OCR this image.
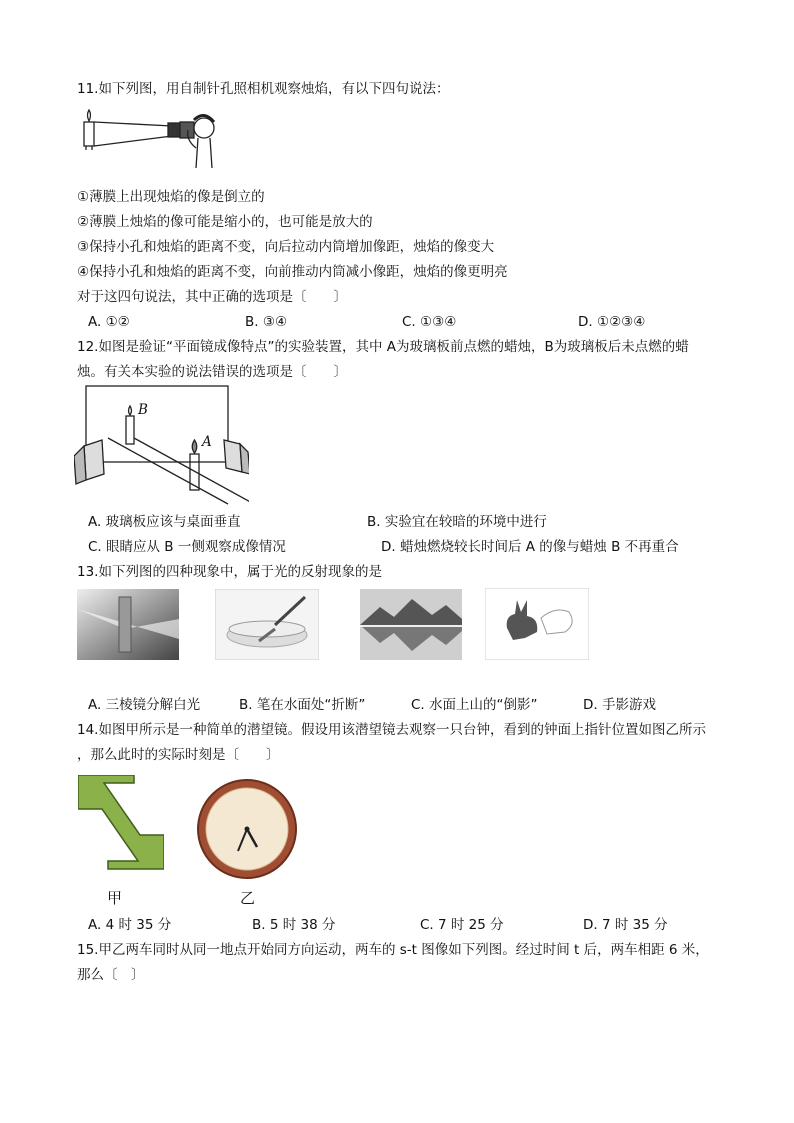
11.如下列图，用自制针孔照相机观察烛焰，有以下四句说法：
①薄膜上出现烛焰的像是倒立的
②薄膜上烛焰的像可能是缩小的，也可能是放大的
③保持小孔和烛焰的距离不变，向后拉动内筒增加像距，烛焰的像变大
④保持小孔和烛焰的距离不变，向前推动内筒减小像距，烛焰的像更明亮
对于这四句说法，其中正确的选项是〔　　〕
A. ①②	B. ③④	C. ①③④	D. ①②③④
12.如图是验证“平面镜成像特点”的实验装置，其中 A为玻璃板前点燃的蜡烛，B为玻璃板后未点燃的蜡
烛。有关本实验的说法错误的选项是〔　　〕
B
A
A. 玻璃板应该与桌面垂直	B. 实验宜在较暗的环境中进行
C. 眼睛应从 B 一侧观察成像情况	D. 蜡烛燃烧较长时间后 A 的像与蜡烛 B 不再重合
13.如下列图的四种现象中，属于光的反射现象的是
A. 三棱镜分解白光	B. 笔在水面处“折断”	C. 水面上山的“倒影”	D. 手影游戏
14.如图甲所示是一种简单的潜望镜。假设用该潜望镜去观察一只台钟，看到的钟面上指针位置如图乙所示
，那么此时的实际时刻是〔　　〕
甲	乙
A. 4 时 35 分	B. 5 时 38 分	C. 7 时 25 分	D. 7 时 35 分
15.甲乙两车同时从同一地点开始同方向运动，两车的 s-t 图像如下列图。经过时间 t 后，两车相距 6 米，
那么〔　〕
